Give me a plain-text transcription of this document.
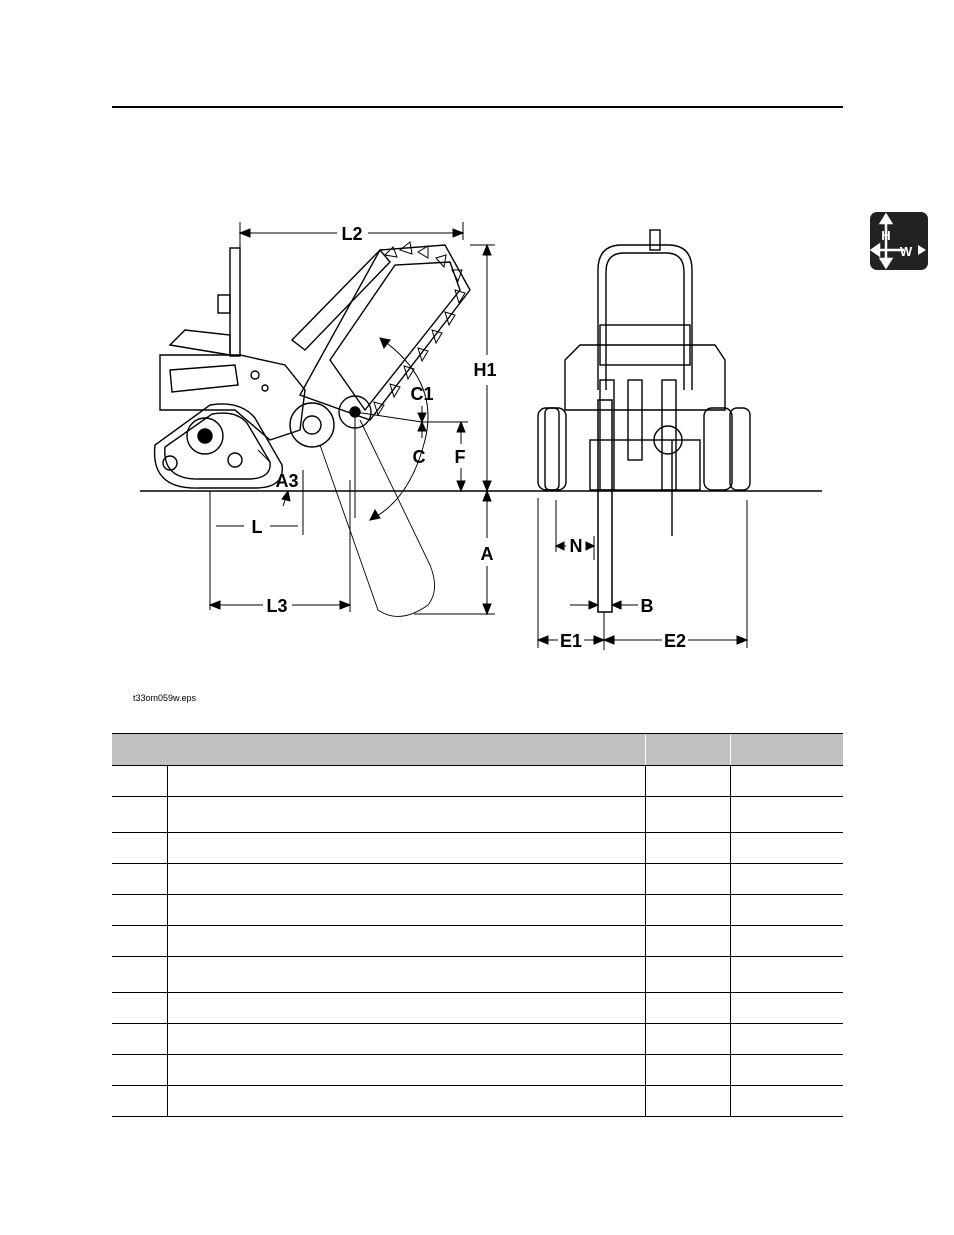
H
W
L2
H1
C1
C F
A3
L
A
L3
N
B
E1	E2
t33om059w.eps
